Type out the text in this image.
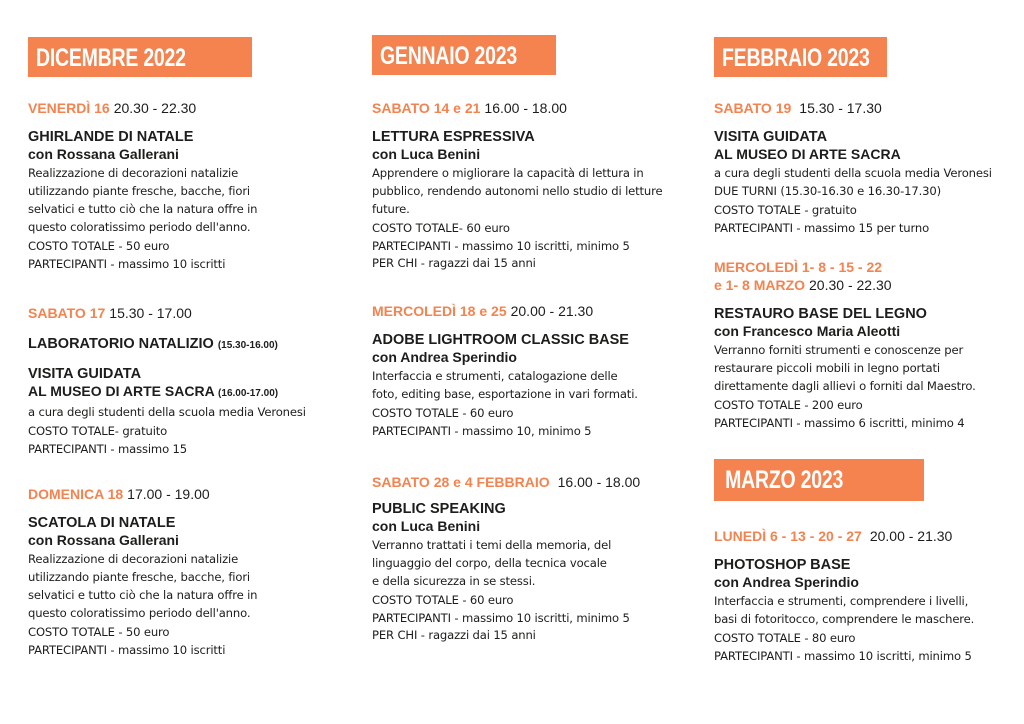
DICEMBRE 2022
VENERDÌ 16 20.30 - 22.30
GHIRLANDE DI NATALE
con Rossana Gallerani
Realizzazione di decorazioni natalizie
utilizzando piante fresche, bacche, fiori
selvatici e tutto ciò che la natura offre in
questo coloratissimo periodo dell'anno.
COSTO TOTALE - 50 euro
PARTECIPANTI - massimo 10 iscritti
SABATO 17 15.30 - 17.00
LABORATORIO NATALIZIO (15.30-16.00)
VISITA GUIDATA
AL MUSEO DI ARTE SACRA (16.00-17.00)
a cura degli studenti della scuola media Veronesi
COSTO TOTALE- gratuito
PARTECIPANTI - massimo 15
DOMENICA 18 17.00 - 19.00
SCATOLA DI NATALE
con Rossana Gallerani
Realizzazione di decorazioni natalizie
utilizzando piante fresche, bacche, fiori
selvatici e tutto ciò che la natura offre in
questo coloratissimo periodo dell'anno.
COSTO TOTALE - 50 euro
PARTECIPANTI - massimo 10 iscritti
GENNAIO 2023
SABATO 14 e 21 16.00 - 18.00
LETTURA ESPRESSIVA
con Luca Benini
Apprendere o migliorare la capacità di lettura in
pubblico, rendendo autonomi nello studio di letture
future.
COSTO TOTALE- 60 euro
PARTECIPANTI - massimo 10 iscritti, minimo 5
PER CHI - ragazzi dai 15 anni
MERCOLEDÌ 18 e 25 20.00 - 21.30
ADOBE LIGHTROOM CLASSIC BASE
con Andrea Sperindio
Interfaccia e strumenti, catalogazione delle
foto, editing base, esportazione in vari formati.
COSTO TOTALE - 60 euro
PARTECIPANTI - massimo 10, minimo 5
SABATO 28 e 4 FEBBRAIO 16.00 - 18.00
PUBLIC SPEAKING
con Luca Benini
Verranno trattati i temi della memoria, del
linguaggio del corpo, della tecnica vocale
e della sicurezza in se stessi.
COSTO TOTALE - 60 euro
PARTECIPANTI - massimo 10 iscritti, minimo 5
PER CHI - ragazzi dai 15 anni
FEBBRAIO 2023
SABATO 19 15.30 - 17.30
VISITA GUIDATA
AL MUSEO DI ARTE SACRA
a cura degli studenti della scuola media Veronesi
DUE TURNI (15.30-16.30 e 16.30-17.30)
COSTO TOTALE - gratuito
PARTECIPANTI - massimo 15 per turno
MERCOLEDÌ 1- 8 - 15 - 22
e 1- 8 MARZO 20.30 - 22.30
RESTAURO BASE DEL LEGNO
con Francesco Maria Aleotti
Verranno forniti strumenti e conoscenze per
restaurare piccoli mobili in legno portati
direttamente dagli allievi o forniti dal Maestro.
COSTO TOTALE - 200 euro
PARTECIPANTI - massimo 6 iscritti, minimo 4
MARZO 2023
LUNEDÌ 6 - 13 - 20 - 27 20.00 - 21.30
PHOTOSHOP BASE
con Andrea Sperindio
Interfaccia e strumenti, comprendere i livelli,
basi di fotoritocco, comprendere le maschere.
COSTO TOTALE - 80 euro
PARTECIPANTI - massimo 10 iscritti, minimo 5
